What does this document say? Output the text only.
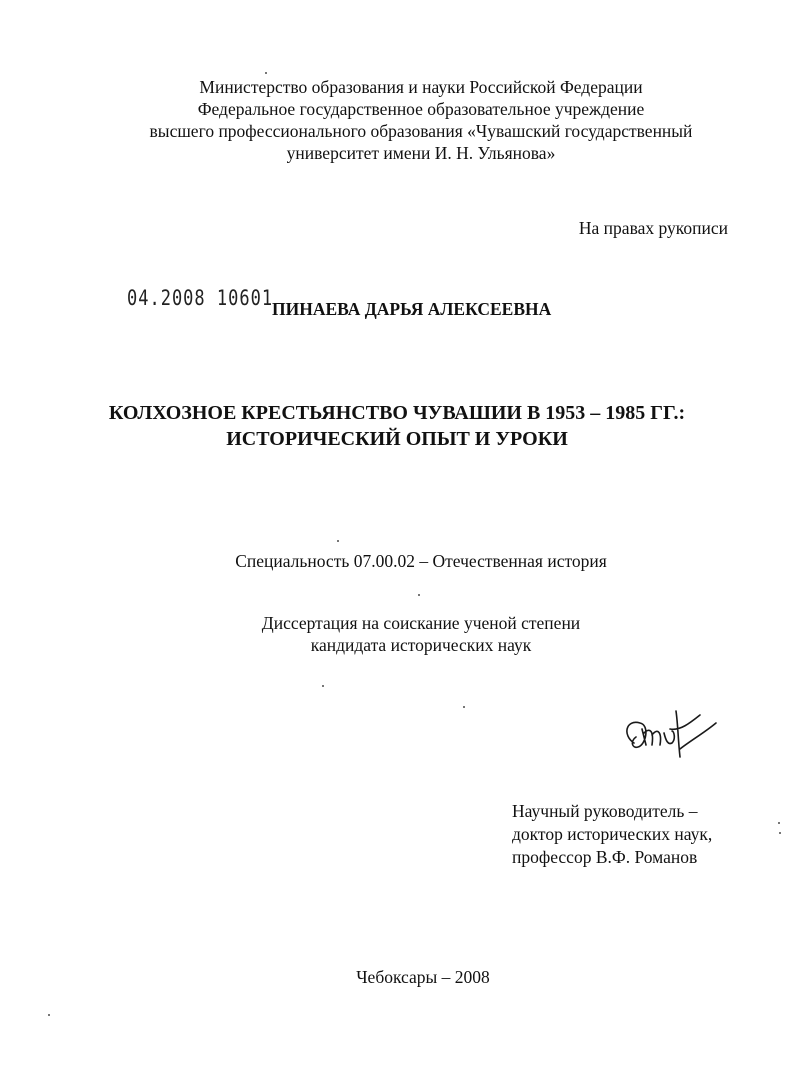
Министерство образования и науки Российской Федерации
Федеральное государственное образовательное учреждение
высшего профессионального образования «Чувашский государственный
университет имени И. Н. Ульянова»
На правах рукописи
04.2008 10601
ПИНАЕВА ДАРЬЯ АЛЕКСЕЕВНА
КОЛХОЗНОЕ КРЕСТЬЯНСТВО ЧУВАШИИ В 1953 – 1985 ГГ.:
ИСТОРИЧЕСКИЙ ОПЫТ И УРОКИ
Специальность 07.00.02 – Отечественная история
Диссертация на соискание ученой степени
кандидата исторических наук
Научный руководитель –
доктор исторических наук,
профессор В.Ф. Романов
Чебоксары – 2008
